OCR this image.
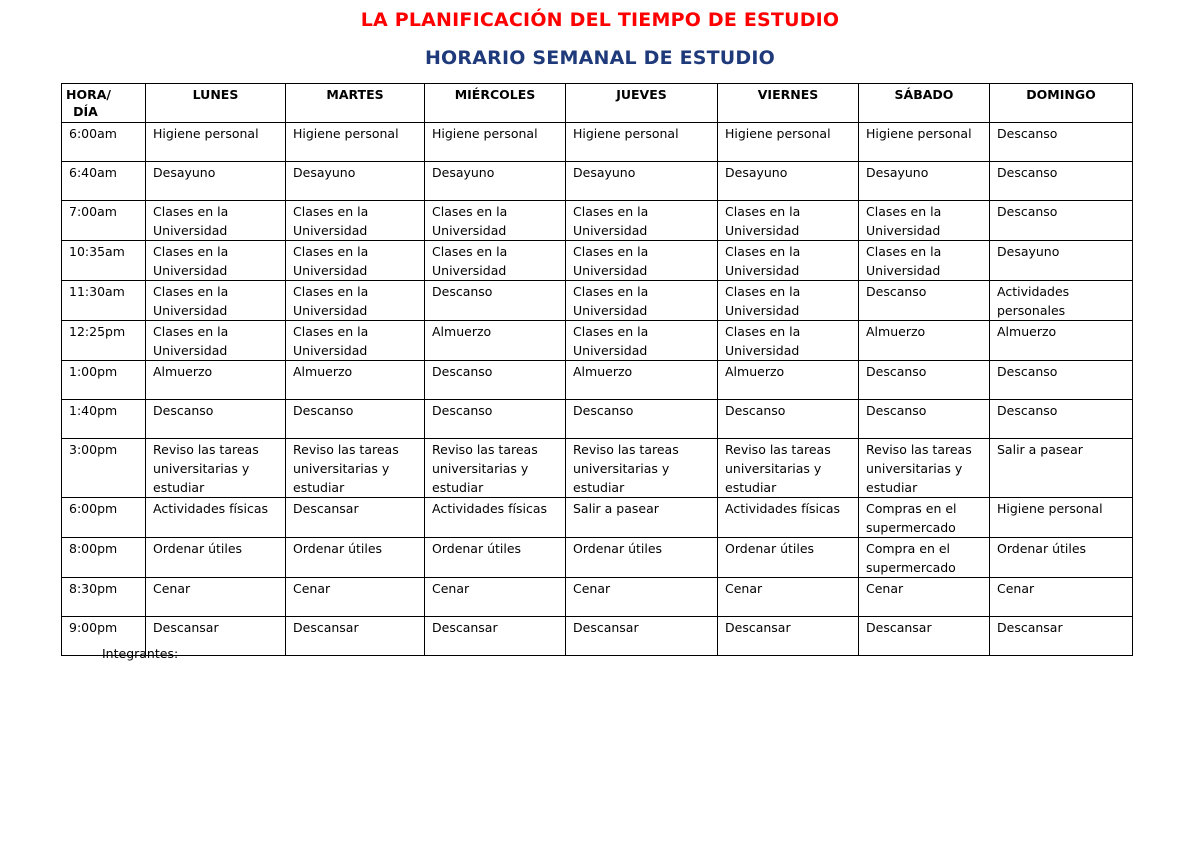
LA PLANIFICACIÓN DEL TIEMPO DE ESTUDIO
HORARIO SEMANAL DE ESTUDIO
HORA/ DÍA	LUNES	MARTES	MIÉRCOLES	JUEVES	VIERNES	SÁBADO	DOMINGO
6:00am	Higiene personal	Higiene personal	Higiene personal	Higiene personal	Higiene personal	Higiene personal	Descanso
6:40am	Desayuno	Desayuno	Desayuno	Desayuno	Desayuno	Desayuno	Descanso
7:00am	Clases en la Universidad	Clases en la Universidad	Clases en la Universidad	Clases en la Universidad	Clases en la Universidad	Clases en la Universidad	Descanso
10:35am	Clases en la Universidad	Clases en la Universidad	Clases en la Universidad	Clases en la Universidad	Clases en la Universidad	Clases en la Universidad	Desayuno
11:30am	Clases en la Universidad	Clases en la Universidad	Descanso	Clases en la Universidad	Clases en la Universidad	Descanso	Actividades personales
12:25pm	Clases en la Universidad	Clases en la Universidad	Almuerzo	Clases en la Universidad	Clases en la Universidad	Almuerzo	Almuerzo
1:00pm	Almuerzo	Almuerzo	Descanso	Almuerzo	Almuerzo	Descanso	Descanso
1:40pm	Descanso	Descanso	Descanso	Descanso	Descanso	Descanso	Descanso
3:00pm	Reviso las tareas universitarias y estudiar	Reviso las tareas universitarias y estudiar	Reviso las tareas universitarias y estudiar	Reviso las tareas universitarias y estudiar	Reviso las tareas universitarias y estudiar	Reviso las tareas universitarias y estudiar	Salir a pasear
6:00pm	Actividades físicas	Descansar	Actividades físicas	Salir a pasear	Actividades físicas	Compras en el supermercado	Higiene personal
8:00pm	Ordenar útiles	Ordenar útiles	Ordenar útiles	Ordenar útiles	Ordenar útiles	Compra en el supermercado	Ordenar útiles
8:30pm	Cenar	Cenar	Cenar	Cenar	Cenar	Cenar	Cenar
9:00pm	Descansar	Descansar	Descansar	Descansar	Descansar	Descansar	Descansar
Integrantes:
